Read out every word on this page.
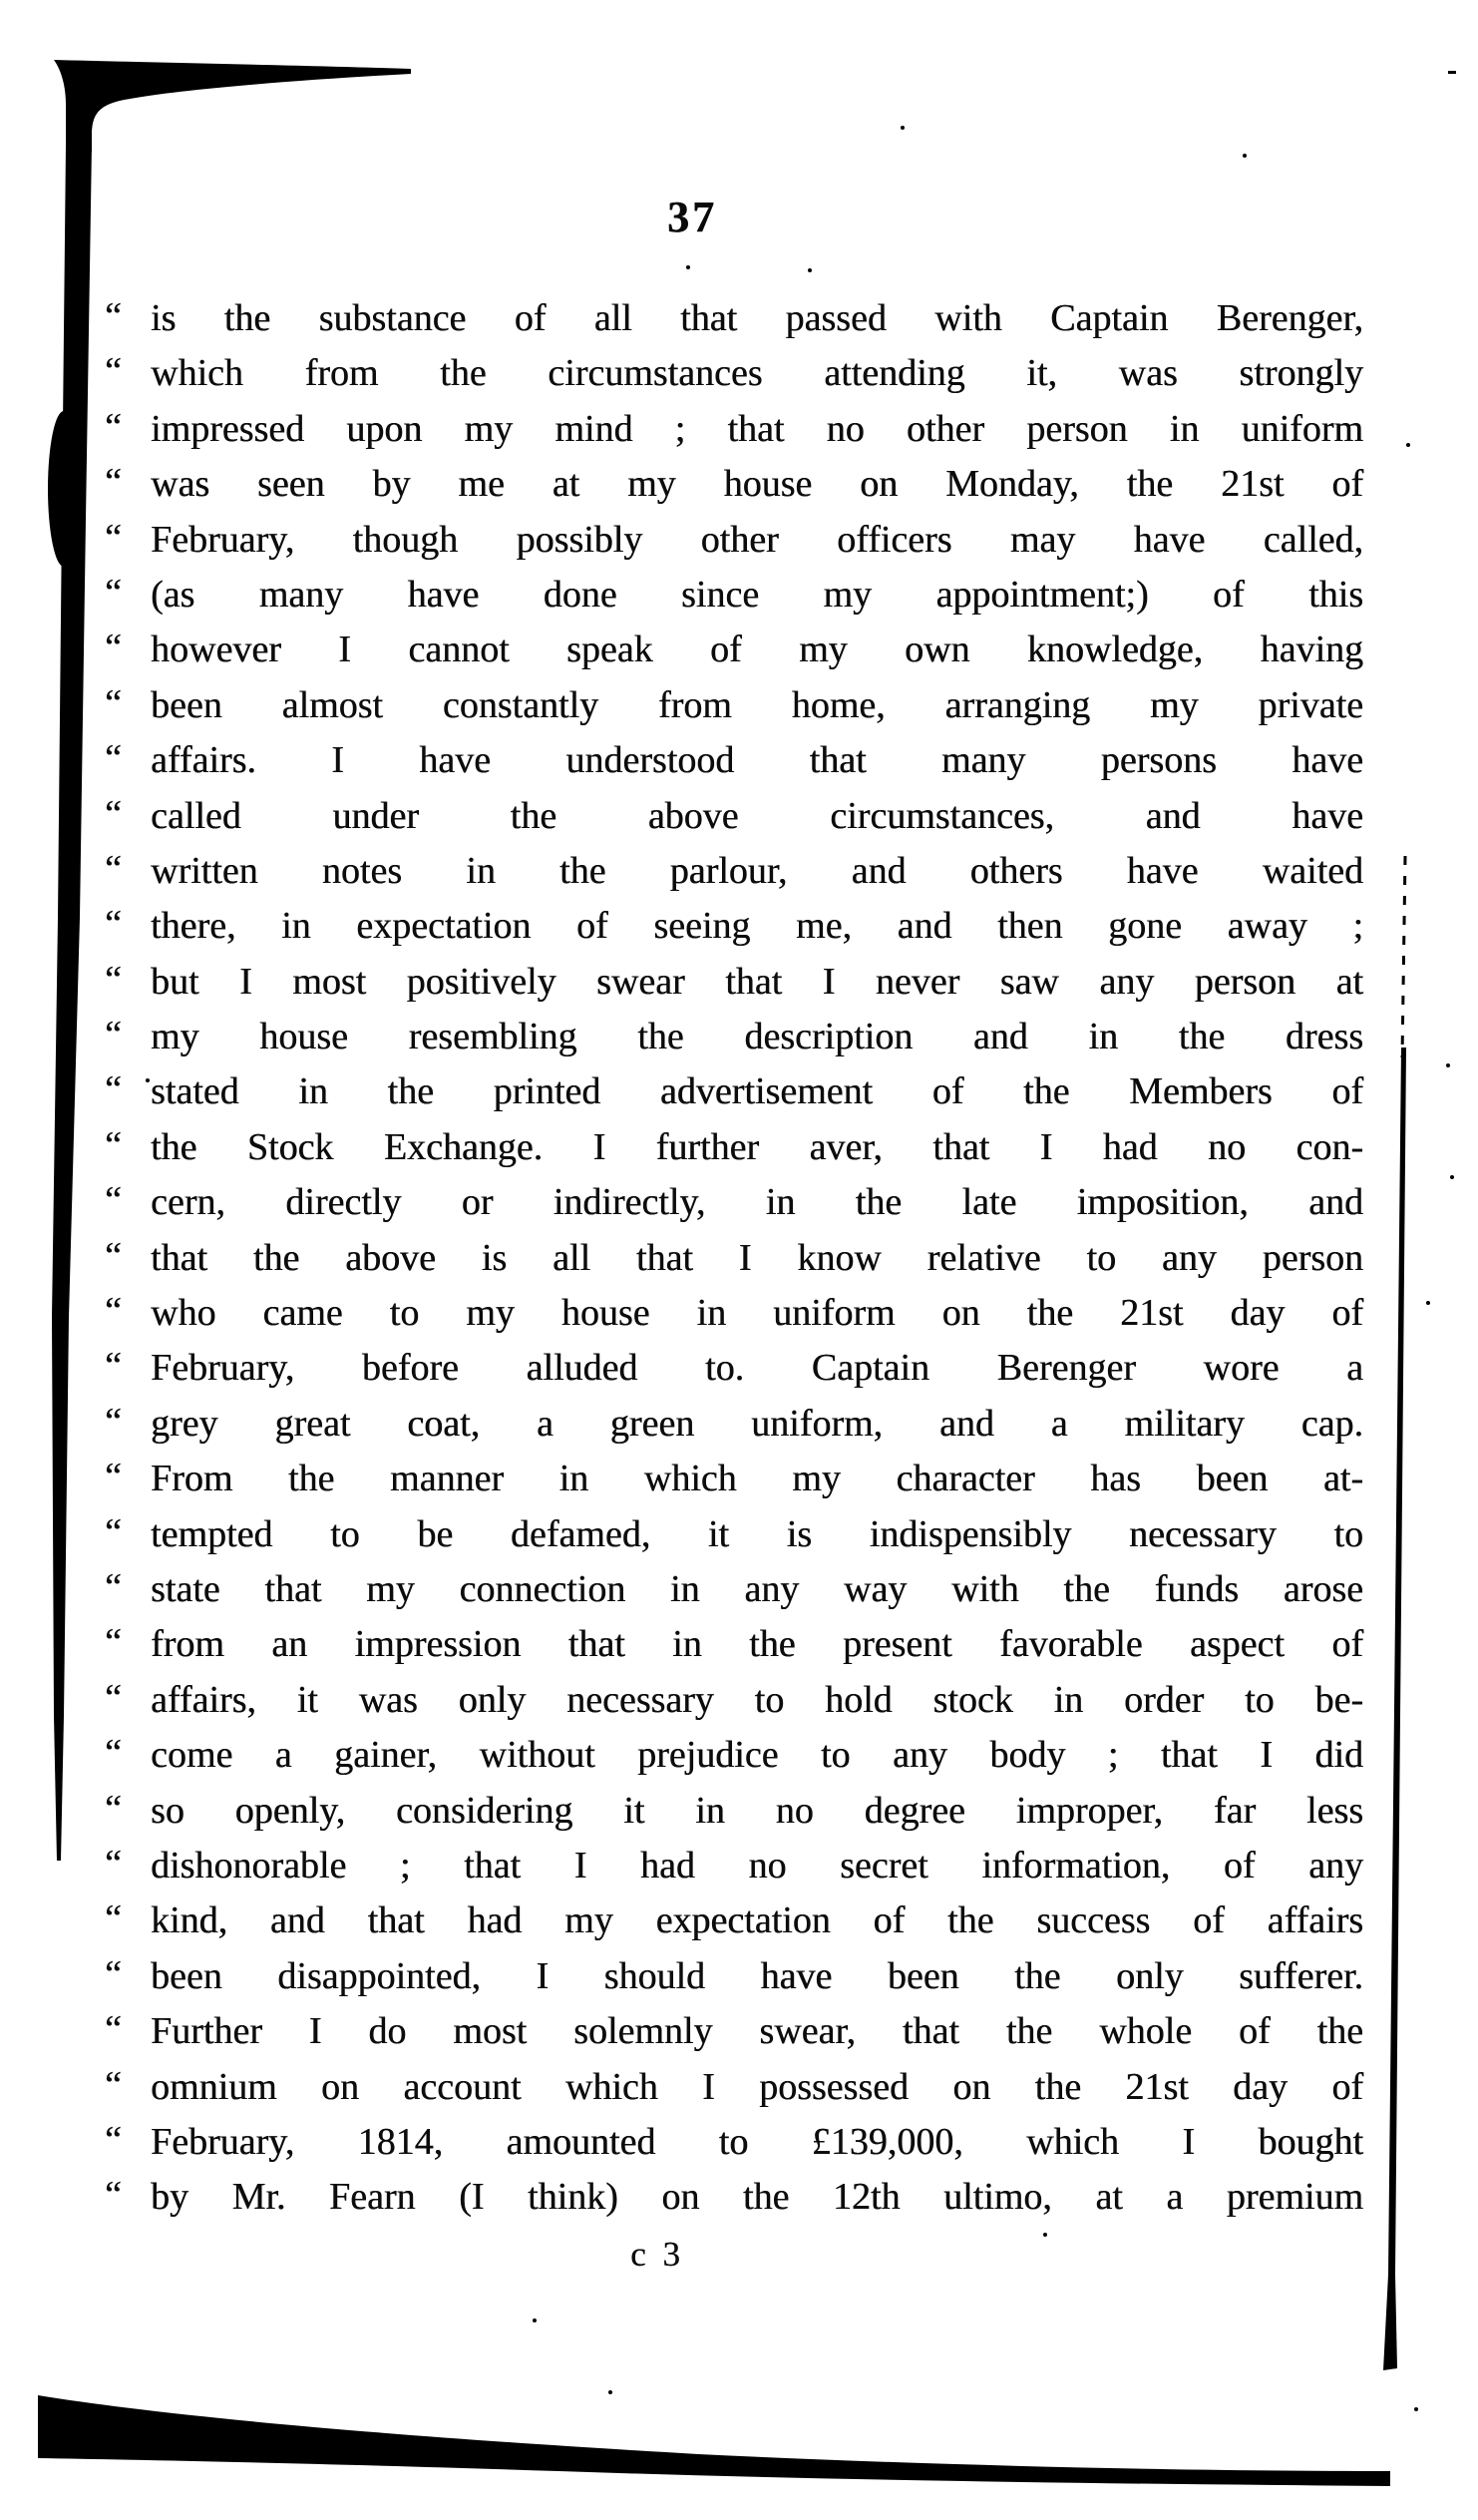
37
“ is the substance of all that passed with Captain Berenger,
“ which from the circumstances attending it, was strongly
“ impressed upon my mind ; that no other person in uniform
“ was seen by me at my house on Monday, the 21st of
“ February, though possibly other officers may have called,
“ (as many have done since my appointment;) of this
“ however I cannot speak of my own knowledge, having
“ been almost constantly from home, arranging my private
“ affairs. I have understood that many persons have
“ called under the above circumstances, and have
“ written notes in the parlour, and others have waited
“ there, in expectation of seeing me, and then gone away ;
“ but I most positively swear that I never saw any person at
“ my house resembling the description and in the dress
“ stated in the printed advertisement of the Members of
“ the Stock Exchange. I further aver, that I had no con-
“ cern, directly or indirectly, in the late imposition, and
“ that the above is all that I know relative to any person
“ who came to my house in uniform on the 21st day of
“ February, before alluded to. Captain Berenger wore a
“ grey great coat, a green uniform, and a military cap.
“ From the manner in which my character has been at-
“ tempted to be defamed, it is indispensibly necessary to
“ state that my connection in any way with the funds arose
“ from an impression that in the present favorable aspect of
“ affairs, it was only necessary to hold stock in order to be-
“ come a gainer, without prejudice to any body ; that I did
“ so openly, considering it in no degree improper, far less
“ dishonorable ; that I had no secret information, of any
“ kind, and that had my expectation of the success of affairs
“ been disappointed, I should have been the only sufferer.
“ Further I do most solemnly swear, that the whole of the
“ omnium on account which I possessed on the 21st day of
“ February, 1814, amounted to £139,000, which I bought
“ by Mr. Fearn (I think) on the 12th ultimo, at a premium
c 3
